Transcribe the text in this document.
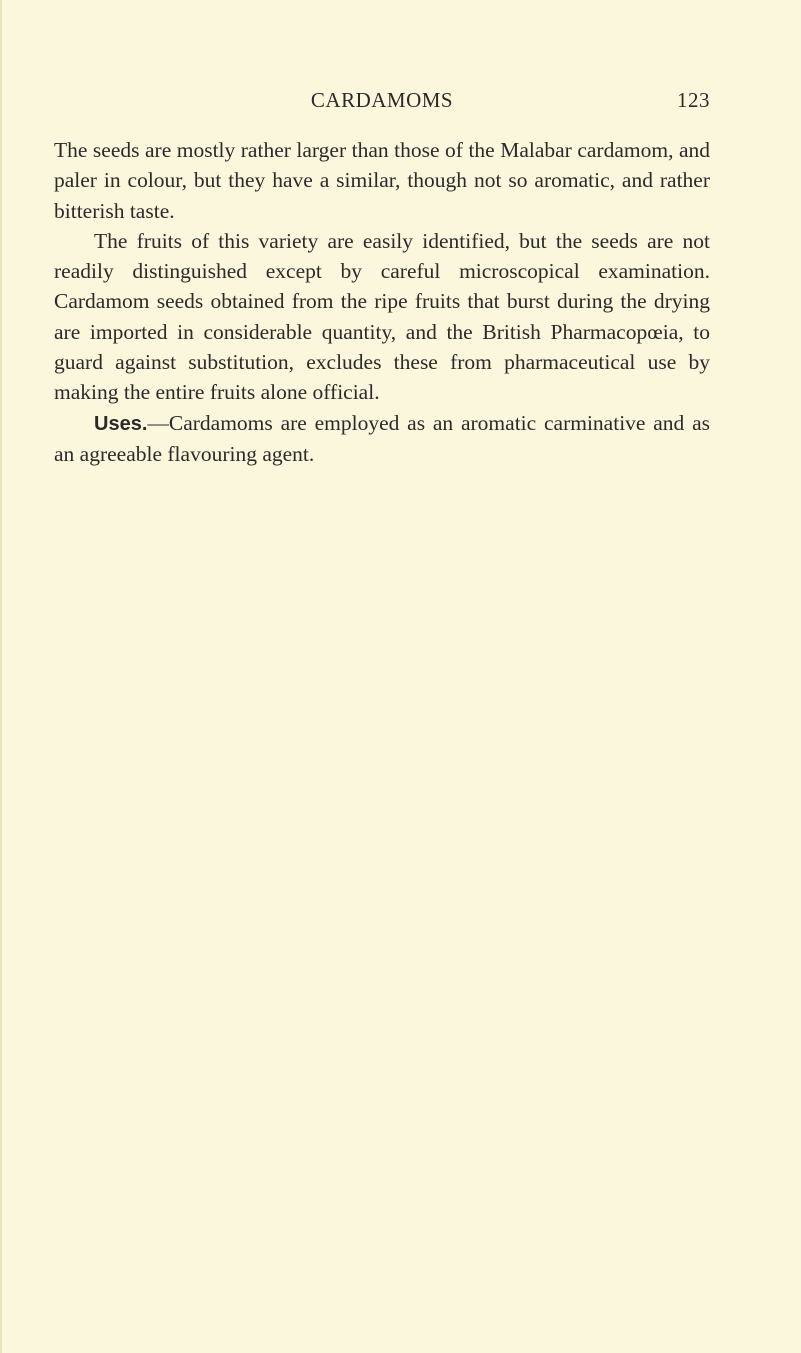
CARDAMOMS	123

The seeds are mostly rather larger than those of the Malabar cardamom, and paler in colour, but they have a similar, though not so aromatic, and rather bitterish taste.

The fruits of this variety are easily identified, but the seeds are not readily distinguished except by careful microscopical examination. Cardamom seeds obtained from the ripe fruits that burst during the drying are imported in considerable quantity, and the British Pharmacopœia, to guard against substitution, excludes these from pharmaceutical use by making the entire fruits alone official.

Uses.—Cardamoms are employed as an aromatic carminative and as an agreeable flavouring agent.
